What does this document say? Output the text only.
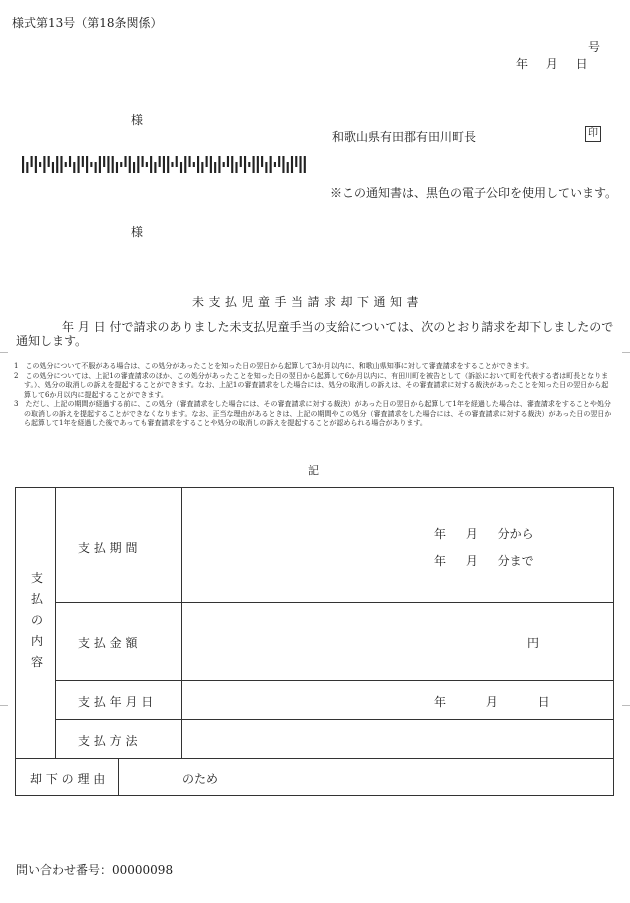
様式第13号（第18条関係）
号
年 月 日
様
和歌山県有田郡有田川町長	印
※この通知書は、黒色の電子公印を使用しています。
様
未支払児童手当請求却下通知書
年 月 日 付で請求のありました未支払児童手当の支給については、次のとおり請求を却下しましたので通知します。
1　この処分について不服がある場合は、この処分があったことを知った日の翌日から起算して3か月以内に、和歌山県知事に対して審査請求をすることができます。
2　この処分については、上記1の審査請求のほか、この処分があったことを知った日の翌日から起算して6か月以内に、有田川町を被告として（訴訟において町を代表する者は町長となります。）、処分の取消しの訴えを提起することができます。なお、上記1の審査請求をした場合には、処分の取消しの訴えは、その審査請求に対する裁決があったことを知った日の翌日から起算して6か月以内に提起することができます。
3　ただし、上記の期間が経過する前に、この処分（審査請求をした場合には、その審査請求に対する裁決）があった日の翌日から起算して1年を経過した場合は、審査請求をすることや処分の取消しの訴えを提起することができなくなります。なお、正当な理由があるときは、上記の期間やこの処分（審査請求をした場合には、その審査請求に対する裁決）があった日の翌日から起算して1年を経過した後であっても審査請求をすることや処分の取消しの訴えを提起することが認められる場合があります。
記
支払の内容
支 払 期 間
年 月 分から
年 月 分まで
支 払 金 額	円
支 払 年 月 日	年 月 日
支 払 方 法
却 下 の 理 由	のため
問い合わせ番号：00000098
